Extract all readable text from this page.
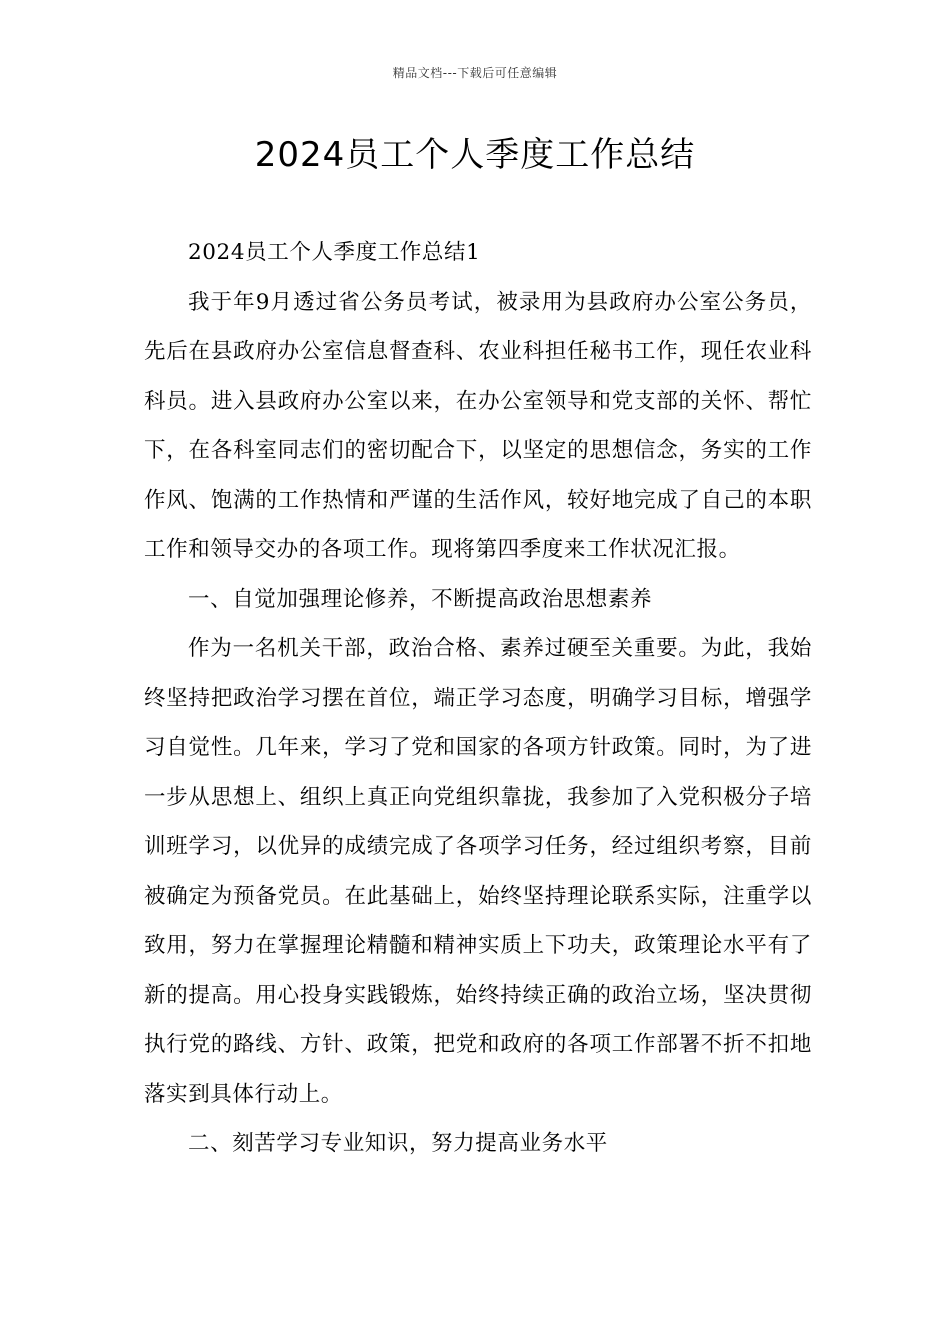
精品文档---下载后可任意编辑
2024员工个人季度工作总结

2024员工个人季度工作总结1

我于年9月透过省公务员考试，被录用为县政府办公室公务员，先后在县政府办公室信息督查科、农业科担任秘书工作，现任农业科科员。进入县政府办公室以来，在办公室领导和党支部的关怀、帮忙下，在各科室同志们的密切配合下，以坚定的思想信念，务实的工作作风、饱满的工作热情和严谨的生活作风，较好地完成了自己的本职工作和领导交办的各项工作。现将第四季度来工作状况汇报。

一、自觉加强理论修养，不断提高政治思想素养

作为一名机关干部，政治合格、素养过硬至关重要。为此，我始终坚持把政治学习摆在首位，端正学习态度，明确学习目标，增强学习自觉性。几年来，学习了党和国家的各项方针政策。同时，为了进一步从思想上、组织上真正向党组织靠拢，我参加了入党积极分子培训班学习，以优异的成绩完成了各项学习任务，经过组织考察，目前被确定为预备党员。在此基础上，始终坚持理论联系实际，注重学以致用，努力在掌握理论精髓和精神实质上下功夫，政策理论水平有了新的提高。用心投身实践锻炼，始终持续正确的政治立场，坚决贯彻执行党的路线、方针、政策，把党和政府的各项工作部署不折不扣地落实到具体行动上。

二、刻苦学习专业知识，努力提高业务水平
